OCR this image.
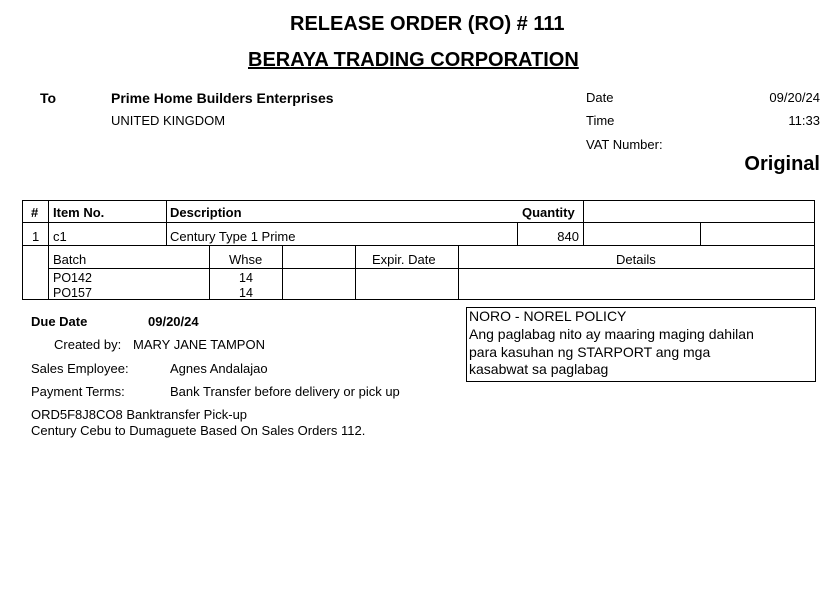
RELEASE ORDER (RO) # 111
BERAYA TRADING CORPORATION
To	Prime Home Builders Enterprises
UNITED KINGDOM
Date	09/20/24
Time	11:33
VAT Number:
Original
# Item No.	Description	Quantity
1 c1	Century Type 1 Prime	840
Batch	Whse	Expir. Date	Details
PO142	14
PO157	14
Due Date	09/20/24
Created by: MARY JANE TAMPON
Sales Employee:	Agnes Andalajao
Payment Terms:	Bank Transfer before delivery or pick up
ORD5F8J8CO8 Banktransfer Pick-up
Century Cebu to Dumaguete Based On Sales Orders 112.
NORO - NOREL POLICY
Ang paglabag nito ay maaring maging dahilan
para kasuhan ng STARPORT ang mga
kasabwat sa paglabag
